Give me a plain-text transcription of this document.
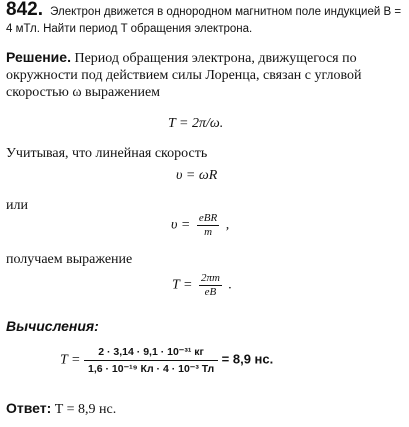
842. Электрон движется в однородном магнитном поле индукцией B = 4 мТл. Найти период T обращения электрона.
Решение. Период обращения электрона, движущегося по окружности под действием силы Лоренца, связан с угловой скоростью ω выражением
T = 2π/ω.
Учитывая, что линейная скорость
υ = ωR
или
$\upsilon = \frac{\text{eBR}}{m}$ ,
получаем выражение
$T = \frac{2\pi m}{eB}$ .
Вычисления:
T =
2 · 3,14 · 9,1 · 10⁻³¹ кг
1,6 · 10⁻¹⁹ Кл · 4 · 10⁻³ Тл
= 8,9 нс.
Ответ: T = 8,9 нс.
